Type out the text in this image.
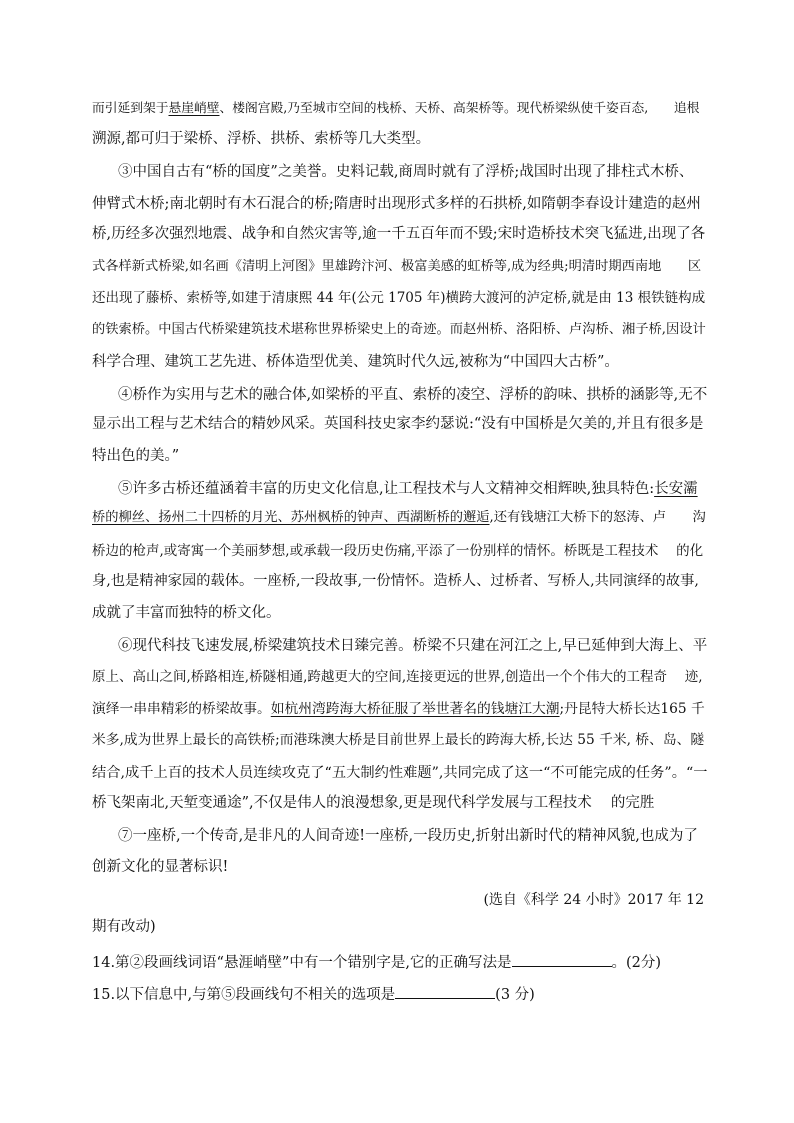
而引延到架于悬崖峭壁、楼阁宫殿,乃至城市空间的栈桥、天桥、高架桥等。现代桥梁纵使千姿百态,　　追根
溯源,都可归于梁桥、浮桥、拱桥、索桥等几大类型。
③中国自古有“桥的国度”之美誉。史料记载,商周时就有了浮桥;战国时出现了排柱式木桥、
伸臂式木桥;南北朝时有木石混合的桥;隋唐时出现形式多样的石拱桥,如隋朝李春设计建造的赵州
桥,历经多次强烈地震、战争和自然灾害等,逾一千五百年而不毁;宋时造桥技术突飞猛进,出现了各
式各样新式桥梁,如名画《清明上河图》里雄跨汴河、极富美感的虹桥等,成为经典;明清时期西南地　　区
还出现了藤桥、索桥等,如建于清康熙 44 年(公元 1705 年)横跨大渡河的泸定桥,就是由 13 根铁链构成
的铁索桥。中国古代桥梁建筑技术堪称世界桥梁史上的奇迹。而赵州桥、洛阳桥、卢沟桥、湘子桥,因设计
科学合理、建筑工艺先进、桥体造型优美、建筑时代久远,被称为“中国四大古桥”。
④桥作为实用与艺术的融合体,如梁桥的平直、索桥的凌空、浮桥的韵味、拱桥的涵影等,无不
显示出工程与艺术结合的精妙风采。英国科技史家李约瑟说:“没有中国桥是欠美的,并且有很多是
特出色的美。”
⑤许多古桥还蕴涵着丰富的历史文化信息,让工程技术与人文精神交相辉映,独具特色:长安灞
桥的柳丝、扬州二十四桥的月光、苏州枫桥的钟声、西湖断桥的邂逅,还有钱塘江大桥下的怒涛、卢　　沟
桥边的枪声,或寄寓一个美丽梦想,或承载一段历史伤痛,平添了一份别样的情怀。桥既是工程技术　 的化
身,也是精神家园的载体。一座桥,一段故事,一份情怀。造桥人、过桥者、写桥人,共同演绎的故事,
成就了丰富而独特的桥文化。
⑥现代科技飞速发展,桥梁建筑技术日臻完善。桥梁不只建在河江之上,早已延伸到大海上、平
原上、高山之间,桥路相连,桥隧相通,跨越更大的空间,连接更远的世界,创造出一个个伟大的工程奇　 迹,
演绎一串串精彩的桥梁故事。如杭州湾跨海大桥征服了举世著名的钱塘江大潮;丹昆特大桥长达165 千
米多,成为世界上最长的高铁桥;而港珠澳大桥是目前世界上最长的跨海大桥,长达 55 千米, 桥、岛、隧
结合,成千上百的技术人员连续攻克了“五大制约性难题”,共同完成了这一“不可能完成的任务”。“一
桥飞架南北,天堑变通途”,不仅是伟人的浪漫想象,更是现代科学发展与工程技术　 的完胜
⑦一座桥,一个传奇,是非凡的人间奇迹!一座桥,一段历史,折射出新时代的精神风貌,也成为了
创新文化的显著标识!
(选自《科学 24 小时》2017 年 12
期有改动)
14.第②段画线词语“悬涯峭壁”中有一个错别字是,它的正确写法是	。(2分)
15.以下信息中,与第⑤段画线句不相关的选项是	(3 分)
